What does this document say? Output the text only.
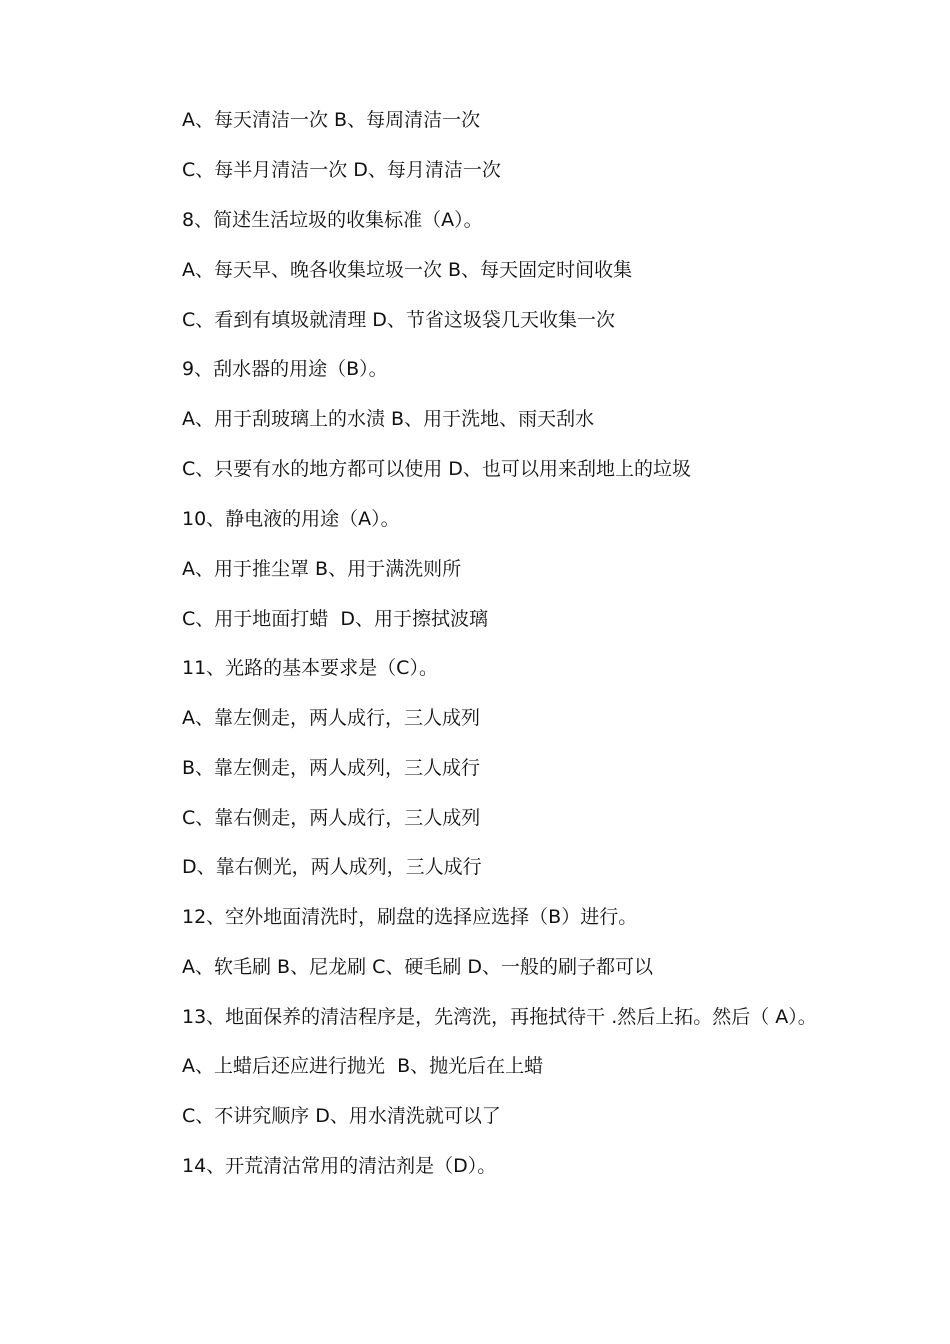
A、每天清洁一次 B、每周清洁一次
C、每半月清洁一次 D、每月清洁一次
8、简述生活垃圾的收集标准（A）。
A、每天早、晚各收集垃圾一次 B、每天固定时间收集
C、看到有填圾就清理 D、节省这圾袋几天收集一次
9、刮水器的用途（B）。
A、用于刮玻璃上的水渍 B、用于洗地、雨天刮水
C、只要有水的地方都可以使用 D、也可以用来刮地上的垃圾
10、静电液的用途（A）。
A、用于推尘罩 B、用于满洗则所
C、用于地面打蜡  D、用于擦拭波璃
11、光路的基本要求是（C）。
A、靠左侧走，两人成行，三人成列
B、靠左侧走，两人成列，三人成行
C、靠右侧走，两人成行，三人成列
D、靠右侧光，两人成列，三人成行
12、空外地面清洗时，刷盘的选择应选择（B）进行。
A、软毛刷 B、尼龙刷 C、硬毛刷 D、一般的刷子都可以
13、地面保养的清洁程序是，先湾洗，再拖拭待干 .然后上拓。然后（ A）。
A、上蜡后还应进行抛光  B、抛光后在上蜡
C、不讲究顺序 D、用水清洗就可以了
14、开荒清沽常用的清沽剂是（D）。
